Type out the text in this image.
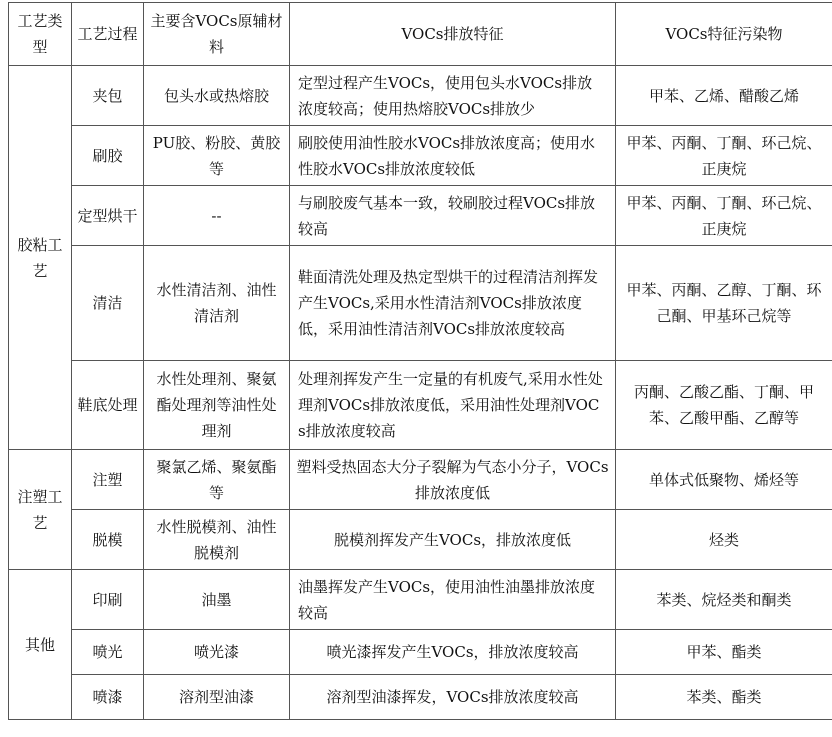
工艺类型	工艺过程	主要含VOCs原辅材料	VOCs排放特征	VOCs特征污染物
胶粘工艺	夹包	包头水或热熔胶	定型过程产生VOCs，使用包头水VOCs排放浓度较高；使用热熔胶VOCs排放少	甲苯、乙烯、醋酸乙烯
	刷胶	PU胶、粉胶、黄胶等	刷胶使用油性胶水VOCs排放浓度高；使用水性胶水VOCs排放浓度较低	甲苯、丙酮、丁酮、环己烷、正庚烷
	定型烘干	--	与刷胶废气基本一致，较刷胶过程VOCs排放较高	甲苯、丙酮、丁酮、环己烷、正庚烷
	清洁	水性清洁剂、油性清洁剂	鞋面清洗处理及热定型烘干的过程清洁剂挥发产生VOCs,采用水性清洁剂VOCs排放浓度低，采用油性清洁剂VOCs排放浓度较高	甲苯、丙酮、乙醇、丁酮、环己酮、甲基环己烷等
	鞋底处理	水性处理剂、聚氨酯处理剂等油性处理剂	处理剂挥发产生一定量的有机废气,采用水性处理剂VOCs排放浓度低，采用油性处理剂VOCs排放浓度较高	丙酮、乙酸乙酯、丁酮、甲苯、乙酸甲酯、乙醇等
注塑工艺	注塑	聚氯乙烯、聚氨酯等	塑料受热固态大分子裂解为气态小分子，VOCs排放浓度低	单体式低聚物、烯烃等
	脱模	水性脱模剂、油性脱模剂	脱模剂挥发产生VOCs，排放浓度低	烃类
其他	印刷	油墨	油墨挥发产生VOCs，使用油性油墨排放浓度较高	苯类、烷烃类和酮类
	喷光	喷光漆	喷光漆挥发产生VOCs，排放浓度较高	甲苯、酯类
	喷漆	溶剂型油漆	溶剂型油漆挥发，VOCs排放浓度较高	苯类、酯类
